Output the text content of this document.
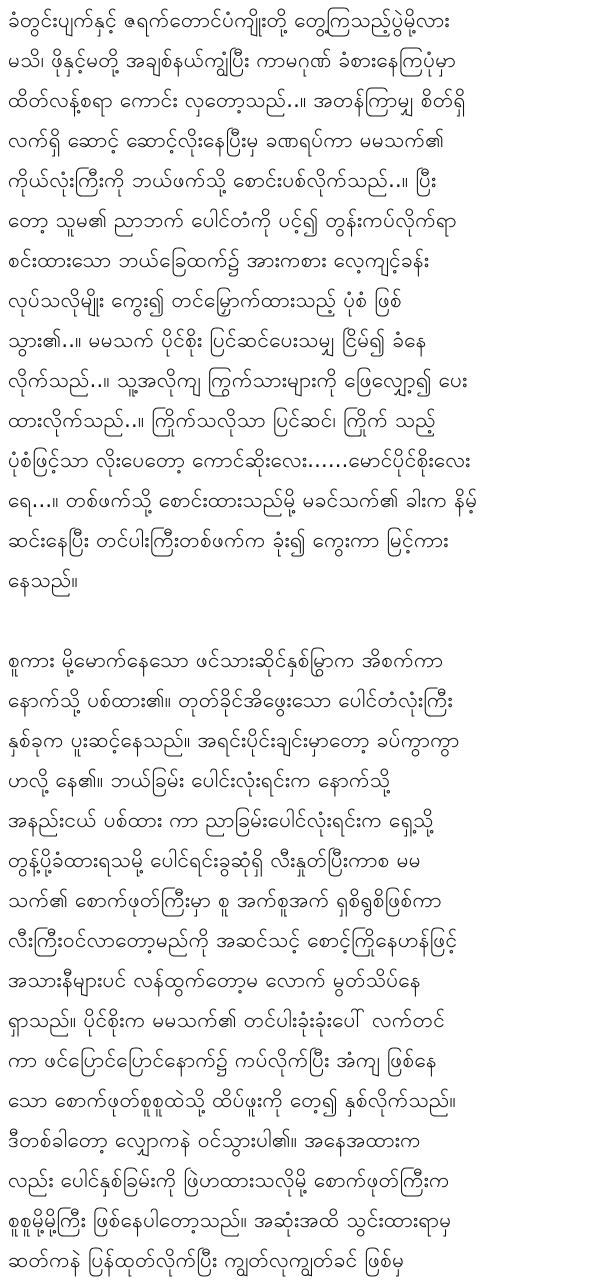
ခံတွင်းပျက်နှင့် ဇရက်တောင်ပံကျိုးတို့ တွေ့ကြသည့်ပွဲမို့လား
မသိ၊ ဖိုနှင့်မတို့ အချစ်နယ်ကျွံပြီး ကာမဂုဏ် ခံစားနေကြပုံမှာ
ထိတ်လန့်စရာ ကောင်း လှတော့သည်..။ အတန်ကြာမျှ စိတ်ရှိ
လက်ရှိ ဆောင့် ဆောင့်လိုးနေပြီးမှ ခဏရပ်ကာ မမသက်၏
ကိုယ်လုံးကြီးကို ဘယ်ဖက်သို့ စောင်းပစ်လိုက်သည်..။ ပြီး
တော့ သူမ၏ ညာဘက် ပေါင်တံကို ပင့်၍ တွန်းကပ်လိုက်ရာ
စင်းထားသော ဘယ်ခြေထက်၌ အားကစား လေ့ကျင့်ခန်း
လုပ်သလိုမျိုး ကွေး၍ တင်မြှောက်ထားသည့် ပုံစံ ဖြစ်
သွား၏..။ မမသက် ပိုင်စိုး ပြင်ဆင်ပေးသမျှ ငြိမ်၍ ခံနေ
လိုက်သည်..။ သူ့အလိုကျ ကြွက်သားများကို ဖြေလျှော့၍ ပေး
ထားလိုက်သည်..။ ကြိုက်သလိုသာ ပြင်ဆင်၊ ကြိုက် သည့်
ပုံစံဖြင့်သာ လိုးပေတော့ ကောင်ဆိုးလေး......မောင်ပိုင်စိုးလေး
ရေ...။ တစ်ဖက်သို့ စောင်းထားသည်မို့ မခင်သက်၏ ခါးက နိမ့်
ဆင်းနေပြီး တင်ပါးကြီးတစ်ဖက်က ခုံး၍ ကွေးကာ မြင့်ကား
နေသည်။
စူကား မို့မောက်နေသော ဖင်သားဆိုင်နှစ်မြွာက အိစက်ကာ
နောက်သို့ ပစ်ထား၏။ တုတ်ခိုင်အိဖွေးသော ပေါင်တံလုံးကြီး
နှစ်ခုက ပူးဆင့်နေသည်။ အရင်းပိုင်းချင်းမှာတော့ ခပ်ကွာကွာ
ဟလို့ နေ၏။ ဘယ်ခြမ်း ပေါင်းလုံးရင်းက နောက်သို့
အနည်းငယ် ပစ်ထား ကာ ညာခြမ်းပေါင်လုံးရင်းက ရှေ့သို့
တွန့်ပို့ခံထားရသမို့ ပေါင်ရင်းခွဆုံရှိ လီးနှုတ်ပြီးကာစ မမ
သက်၏ စောက်ဖုတ်ကြီးမှာ စူ အက်စူအက် ရှစိရွစိဖြစ်ကာ
လီးကြီးဝင်လာတော့မည်ကို အဆင်သင့် စောင့်ကြိုနေဟန်ဖြင့်
အသားနီများပင် လန်ထွက်တော့မ လောက် မွတ်သိပ်နေ
ရှာသည်။ ပိုင်စိုးက မမသက်၏ တင်ပါးခုံးခုံးပေါ် လက်တင်
ကာ ဖင်ပြောင်ပြောင်နောက်၌ ကပ်လိုက်ပြီး အံကျ ဖြစ်နေ
သော စောက်ဖုတ်စူစူထဲသို့ ထိပ်ဖူးကို တေ့၍ နှစ်လိုက်သည်။
ဒီတစ်ခါတော့ လျှောကနဲ ဝင်သွားပါ၏။ အနေအထားက
လည်း ပေါင်နှစ်ခြမ်းကို ဖြဲဟထားသလိုမို့ စောက်ဖုတ်ကြီးက
စူစူမို့မို့ကြီး ဖြစ်နေပါတော့သည်။ အဆုံးအထိ သွင်းထားရာမှ
ဆတ်ကနဲ ပြန်ထုတ်လိုက်ပြီး ကျွတ်လုကျွတ်ခင် ဖြစ်မှ
